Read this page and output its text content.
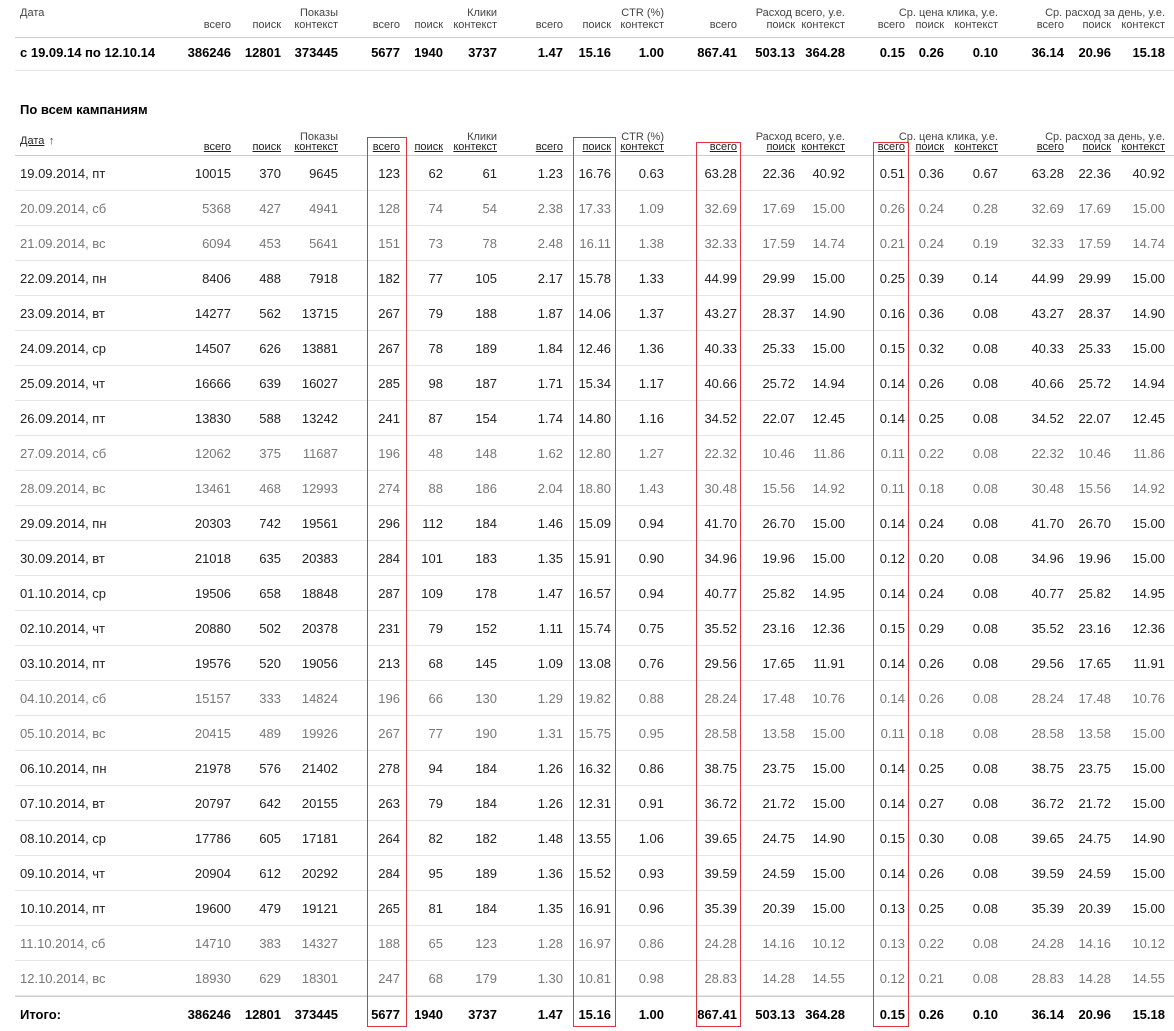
Дата	Показы	Клики	CTR (%)	Расход всего, у.е.	Ср. цена клика, у.е.	Ср. расход за день, у.е.
всего поиск контекст	всего поиск контекст	всего поиск контекст	всего	поиск контекст	всего поиск контекст	всего поиск контекст
с 19.09.14 по 12.10.14	386246 12801 373445	5677 1940 3737	1.47 15.16 1.00	867.41 503.13 364.28	0.15 0.26 0.10	36.14 20.96 15.18
По всем кампаниям
Дата ↑	Показы	Клики	CTR (%)	Расход всего, у.е.	Ср. цена клика, у.е.	Ср. расход за день, у.е.
всего поиск контекст	всего поиск контекст	всего поиск контекст	всего	поиск контекст	всего поиск контекст	всего поиск контекст
19.09.2014, пт	10015 370 9645	123 62	61	1.23 16.76 0.63	63.28 22.36 40.92	0.51 0.36 0.67	63.28 22.36 40.92
20.09.2014, сб	5368 427 4941	128 74	54	2.38 17.33 1.09	32.69 17.69 15.00	0.26 0.24 0.28	32.69 17.69 15.00
21.09.2014, вс	6094 453 5641	151 73	78	2.48 16.11 1.38	32.33 17.59 14.74	0.21 0.24 0.19	32.33 17.59 14.74
22.09.2014, пн	8406 488 7918	182 77 105	2.17 15.78 1.33	44.99 29.99 15.00	0.25 0.39 0.14	44.99 29.99 15.00
23.09.2014, вт	14277 562 13715	267 79 188	1.87 14.06 1.37	43.27 28.37 14.90	0.16 0.36 0.08	43.27 28.37 14.90
24.09.2014, ср	14507 626 13881	267 78 189	1.84 12.46 1.36	40.33 25.33 15.00	0.15 0.32 0.08	40.33 25.33 15.00
25.09.2014, чт	16666 639 16027	285 98 187	1.71 15.34 1.17	40.66 25.72 14.94	0.14 0.26 0.08	40.66 25.72 14.94
26.09.2014, пт	13830 588 13242	241 87 154	1.74 14.80 1.16	34.52 22.07 12.45	0.14 0.25 0.08	34.52 22.07 12.45
27.09.2014, сб	12062 375 11687	196 48 148	1.62 12.80 1.27	22.32 10.46 11.86	0.11 0.22 0.08	22.32 10.46 11.86
28.09.2014, вс	13461 468 12993	274 88 186	2.04 18.80 1.43	30.48 15.56 14.92	0.11 0.18 0.08	30.48 15.56 14.92
29.09.2014, пн	20303 742 19561	296 112 184	1.46 15.09 0.94	41.70 26.70 15.00	0.14 0.24 0.08	41.70 26.70 15.00
30.09.2014, вт	21018 635 20383	284 101 183	1.35 15.91 0.90	34.96 19.96 15.00	0.12 0.20 0.08	34.96 19.96 15.00
01.10.2014, ср	19506 658 18848	287 109 178	1.47 16.57 0.94	40.77 25.82 14.95	0.14 0.24 0.08	40.77 25.82 14.95
02.10.2014, чт	20880 502 20378	231 79 152	1.11 15.74 0.75	35.52 23.16 12.36	0.15 0.29 0.08	35.52 23.16 12.36
03.10.2014, пт	19576 520 19056	213 68 145	1.09 13.08 0.76	29.56 17.65 11.91	0.14 0.26 0.08	29.56 17.65 11.91
04.10.2014, сб	15157 333 14824	196 66 130	1.29 19.82 0.88	28.24 17.48 10.76	0.14 0.26 0.08	28.24 17.48 10.76
05.10.2014, вс	20415 489 19926	267 77 190	1.31 15.75 0.95	28.58 13.58 15.00	0.11 0.18 0.08	28.58 13.58 15.00
06.10.2014, пн	21978 576 21402	278 94 184	1.26 16.32 0.86	38.75 23.75 15.00	0.14 0.25 0.08	38.75 23.75 15.00
07.10.2014, вт	20797 642 20155	263 79 184	1.26 12.31 0.91	36.72 21.72 15.00	0.14 0.27 0.08	36.72 21.72 15.00
08.10.2014, ср	17786 605 17181	264 82 182	1.48 13.55 1.06	39.65 24.75 14.90	0.15 0.30 0.08	39.65 24.75 14.90
09.10.2014, чт	20904 612 20292	284 95 189	1.36 15.52 0.93	39.59 24.59 15.00	0.14 0.26 0.08	39.59 24.59 15.00
10.10.2014, пт	19600 479 19121	265 81 184	1.35 16.91 0.96	35.39 20.39 15.00	0.13 0.25 0.08	35.39 20.39 15.00
11.10.2014, сб	14710 383 14327	188 65 123	1.28 16.97 0.86	24.28 14.16 10.12	0.13 0.22 0.08	24.28 14.16 10.12
12.10.2014, вс	18930 629 18301	247 68 179	1.30 10.81 0.98	28.83 14.28 14.55	0.12 0.21 0.08	28.83 14.28 14.55
Итого:	386246 12801 373445	5677 1940 3737	1.47 15.16 1.00	867.41 503.13 364.28	0.15 0.26 0.10	36.14 20.96 15.18
